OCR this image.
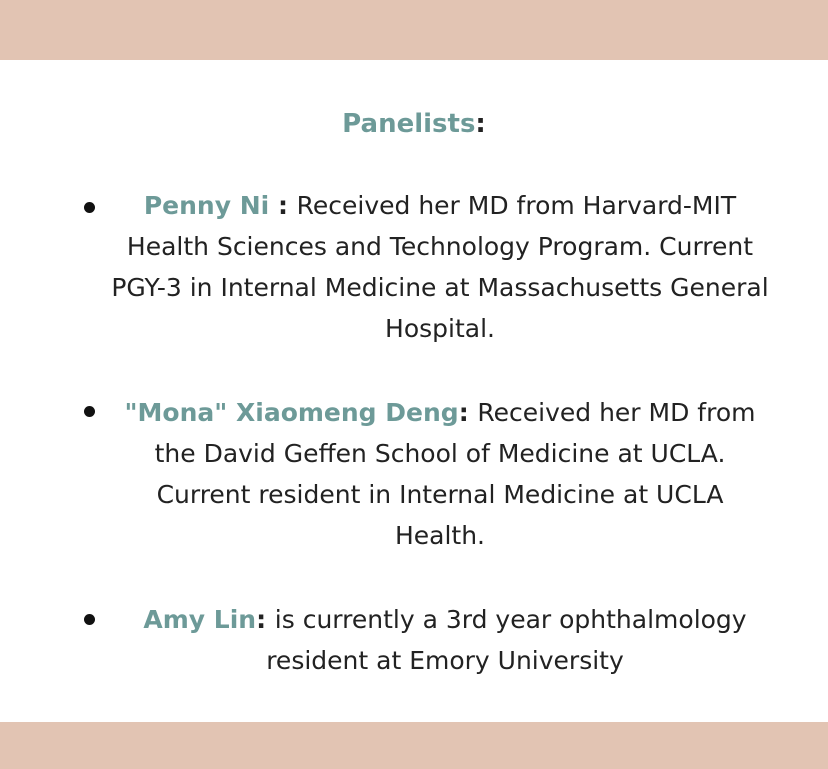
Panelists:
Penny Ni : Received her MD from Harvard-MIT Health Sciences and Technology Program. Current PGY-3 in Internal Medicine at Massachusetts General Hospital.
"Mona" Xiaomeng Deng: Received her MD from the David Geffen School of Medicine at UCLA. Current resident in Internal Medicine at UCLA Health.
Amy Lin: is currently a 3rd year ophthalmology resident at Emory University
